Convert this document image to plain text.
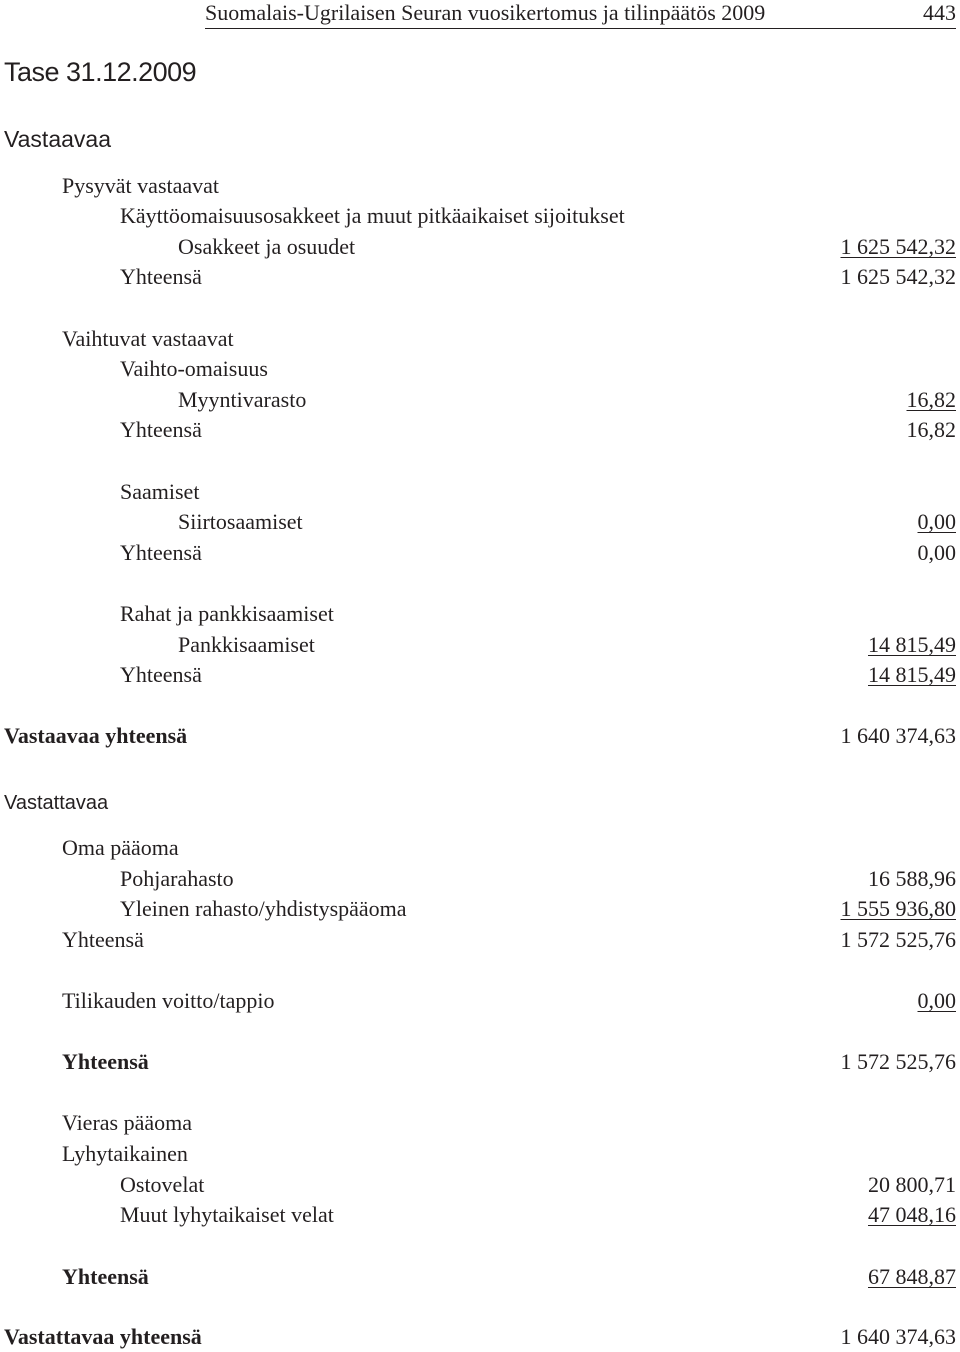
Suomalais-Ugrilaisen Seuran vuosikertomus ja tilinpäätös 2009	443
Tase 31.12.2009
Vastaavaa
Pysyvät vastaavat
Käyttöomaisuusosakkeet ja muut pitkäaikaiset sijoitukset
Osakkeet ja osuudet	1 625 542,32
Yhteensä	1 625 542,32
Vaihtuvat vastaavat
Vaihto-omaisuus
Myyntivarasto	16,82
Yhteensä	16,82
Saamiset
Siirtosaamiset	0,00
Yhteensä	0,00
Rahat ja pankkisaamiset
Pankkisaamiset	14 815,49
Yhteensä	14 815,49
Vastaavaa yhteensä	1 640 374,63
Vastattavaa
Oma pääoma
Pohjarahasto	16 588,96
Yleinen rahasto/yhdistyspääoma	1 555 936,80
Yhteensä	1 572 525,76
Tilikauden voitto/tappio	0,00
Yhteensä	1 572 525,76
Vieras pääoma
Lyhytaikainen
Ostovelat	20 800,71
Muut lyhytaikaiset velat	47 048,16
Yhteensä	67 848,87
Vastattavaa yhteensä	1 640 374,63
